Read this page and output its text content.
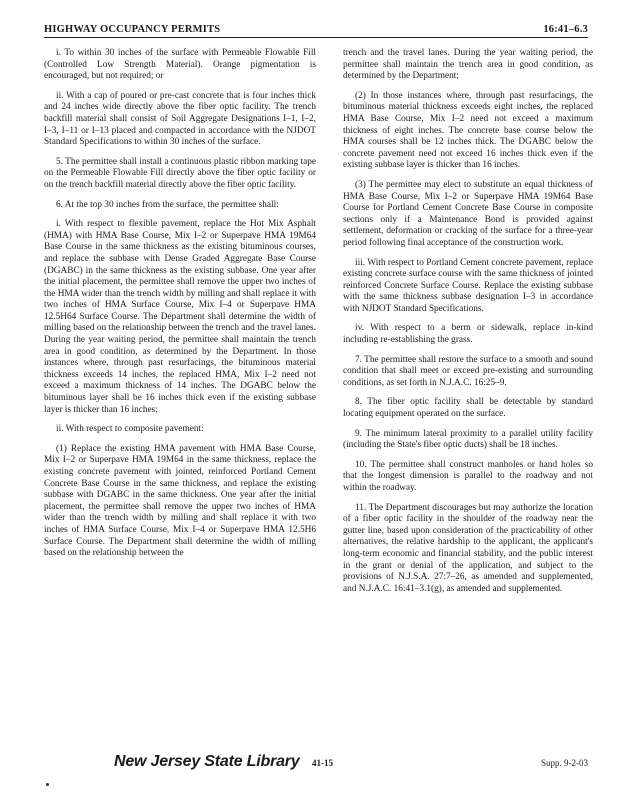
HIGHWAY OCCUPANCY PERMITS	16:41–6.3

i. To within 30 inches of the surface with Permeable Flowable Fill (Controlled Low Strength Material). Orange pigmentation is encouraged, but not required; or

ii. With a cap of poured or pre-cast concrete that is four inches thick and 24 inches wide directly above the fiber optic facility. The trench backfill material shall consist of Soil Aggregate Designations I–1, I–2, I–3, I–11 or I–13 placed and compacted in accordance with the NJDOT Standard Specifications to within 30 inches of the surface.

5. The permittee shall install a continuous plastic ribbon marking tape on the Permeable Flowable Fill directly above the fiber optic facility or on the trench backfill material directly above the fiber optic facility.

6. At the top 30 inches from the surface, the permittee shall:

i. With respect to flexible pavement, replace the Hot Mix Asphalt (HMA) with HMA Base Course, Mix I–2 or Superpave HMA 19M64 Base Course in the same thickness as the existing bituminous courses, and replace the subbase with Dense Graded Aggregate Base Course (DGABC) in the same thickness as the existing subbase. One year after the initial placement, the permittee shall remove the upper two inches of the HMA wider than the trench width by milling and shall replace it with two inches of HMA Surface Course, Mix I–4 or Superpave HMA 12.5H64 Surface Course. The Department shall determine the width of milling based on the relationship between the trench and the travel lanes. During the year waiting period, the permittee shall maintain the trench area in good condition, as determined by the Department. In those instances where, through past resurfacings, the bituminous material thickness exceeds 14 inches, the replaced HMA, Mix I–2 need not exceed a maximum thickness of 14 inches. The DGABC below the bituminous layer shall be 16 inches thick even if the existing subbase layer is thicker than 16 inches;

ii. With respect to composite pavement:

(1) Replace the existing HMA pavement with HMA Base Course, Mix I–2 or Superpave HMA 19M64 in the same thickness, replace the existing concrete pavement with jointed, reinforced Portland Cement Concrete Base Course in the same thickness, and replace the existing subbase with DGABC in the same thickness. One year after the initial placement, the permittee shall remove the upper two inches of HMA wider than the trench width by milling and shall replace it with two inches of HMA Surface Course, Mix I–4 or Superpave HMA 12.5H6 Surface Course. The Department shall determine the width of milling based on the relationship between the

trench and the travel lanes. During the year waiting period, the permittee shall maintain the trench area in good condition, as determined by the Department;

(2) In those instances where, through past resurfacings, the bituminous material thickness exceeds eight inches, the replaced HMA Base Course, Mix I–2 need not exceed a maximum thickness of eight inches. The concrete base course below the HMA courses shall be 12 inches thick. The DGABC below the concrete pavement need not exceed 16 inches thick even if the existing subbase layer is thicker than 16 inches.

(3) The permittee may elect to substitute an equal thickness of HMA Base Course, Mix I–2 or Superpave HMA 19M64 Base Course for Portland Cement Concrete Base Course in composite sections only if a Maintenance Bond is provided against settlement, deformation or cracking of the surface for a three-year period following final acceptance of the construction work.

iii. With respect to Portland Cement concrete pavement, replace existing concrete surface course with the same thickness of jointed reinforced Concrete Surface Course. Replace the existing subbase with the same thickness subbase designation I–3 in accordance with NJDOT Standard Specifications.

iv. With respect to a berm or sidewalk, replace in-kind including re-establishing the grass.

7. The permittee shall restore the surface to a smooth and sound condition that shall meet or exceed pre-existing and surrounding conditions, as set forth in N.J.A.C. 16:25–9.

8. The fiber optic facility shall be detectable by standard locating equipment operated on the surface.

9. The minimum lateral proximity to a parallel utility facility (including the State's fiber optic ducts) shall be 18 inches.

10. The permittee shall construct manholes or hand holes so that the longest dimension is parallel to the roadway and not within the roadway.

11. The Department discourages but may authorize the location of a fiber optic facility in the shoulder of the roadway near the gutter line, based upon consideration of the practicability of other alternatives, the relative hardship to the applicant, the applicant's long-term economic and financial stability, and the public interest in the grant or denial of the application, and subject to the provisions of N.J.S.A. 27:7–26, as amended and supplemented, and N.J.A.C. 16:41–3.1(g), as amended and supplemented.

New Jersey State Library 41-15	Supp. 9-2-03
